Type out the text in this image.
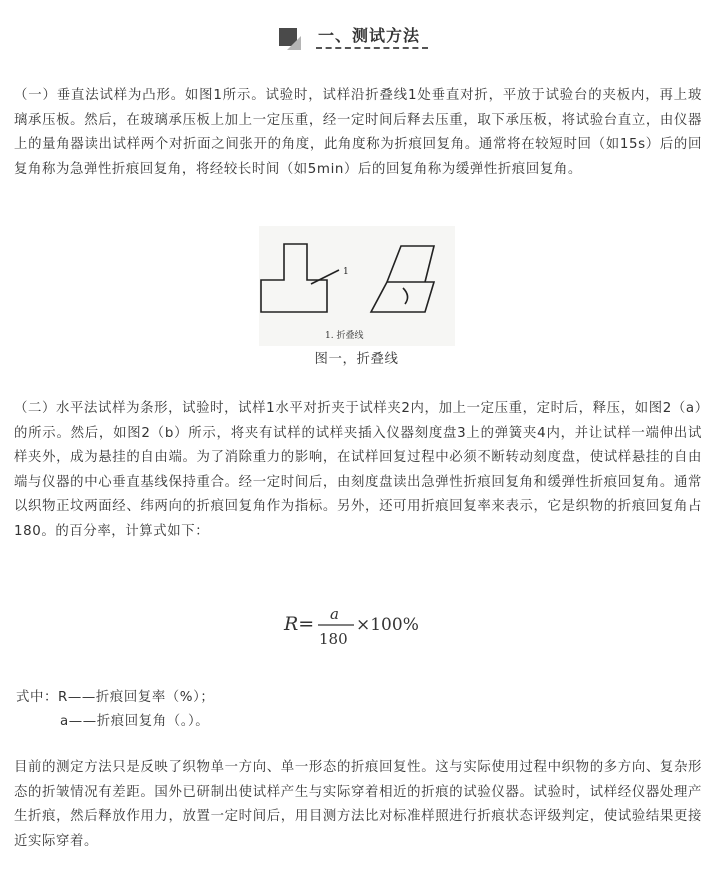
一、测试方法

（一）垂直法试样为凸形。如图1所示。试验时，试样沿折叠线1处垂直对折，平放于试验台的夹板内，再上玻璃承压板。然后，在玻璃承压板上加上一定压重，经一定时间后释去压重，取下承压板，将试验台直立，由仪器上的量角器读出试样两个对折面之间张开的角度，此角度称为折痕回复角。通常将在较短时回（如15s）后的回复角称为急弹性折痕回复角，将经较长时间（如5min）后的回复角称为缓弹性折痕回复角。

1
1. 折叠线
图一，折叠线

（二）水平法试样为条形，试验时，试样1水平对折夹于试样夹2内，加上一定压重，定时后，释压，如图2（a）的所示。然后，如图2（b）所示，将夹有试样的试样夹插入仪器刻度盘3上的弹簧夹4内，并让试样一端伸出试样夹外，成为悬挂的自由端。为了消除重力的影响，在试样回复过程中必须不断转动刻度盘，使试样悬挂的自由端与仪器的中心垂直基线保持重合。经一定时间后，由刻度盘读出急弹性折痕回复角和缓弹性折痕回复角。通常以织物正坟两面经、纬两向的折痕回复角作为指标。另外，还可用折痕回复率来表示，它是织物的折痕回复角占180。的百分率，计算式如下：

R= a
180
×100%
式中：R——折痕回复率（%）；
a——折痕回复角（。）。

目前的测定方法只是反映了织物单一方向、单一形态的折痕回复性。这与实际使用过程中织物的多方向、复杂形态的折皱情况有差距。国外已研制出使试样产生与实际穿着相近的折痕的试验仪器。试验时，试样经仪器处理产生折痕，然后释放作用力，放置一定时间后，用目测方法比对标准样照进行折痕状态评级判定，使试验结果更接近实际穿着。
